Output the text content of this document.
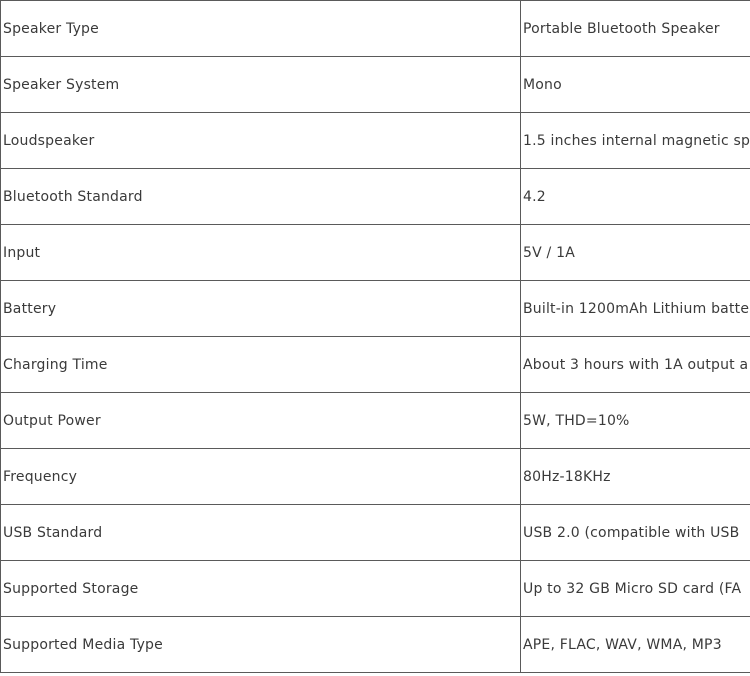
Speaker Type	Portable Bluetooth Speaker
Speaker System	Mono
Loudspeaker	1.5 inches internal magnetic sp
Bluetooth Standard	4.2
Input	5V / 1A
Battery	Built-in 1200mAh Lithium batte
Charging Time	About 3 hours with 1A output a
Output Power	5W, THD=10%
Frequency	80Hz-18KHz
USB Standard	USB 2.0 (compatible with USB
Supported Storage	Up to 32 GB Micro SD card (FA
Supported Media Type	APE, FLAC, WAV, WMA, MP3
